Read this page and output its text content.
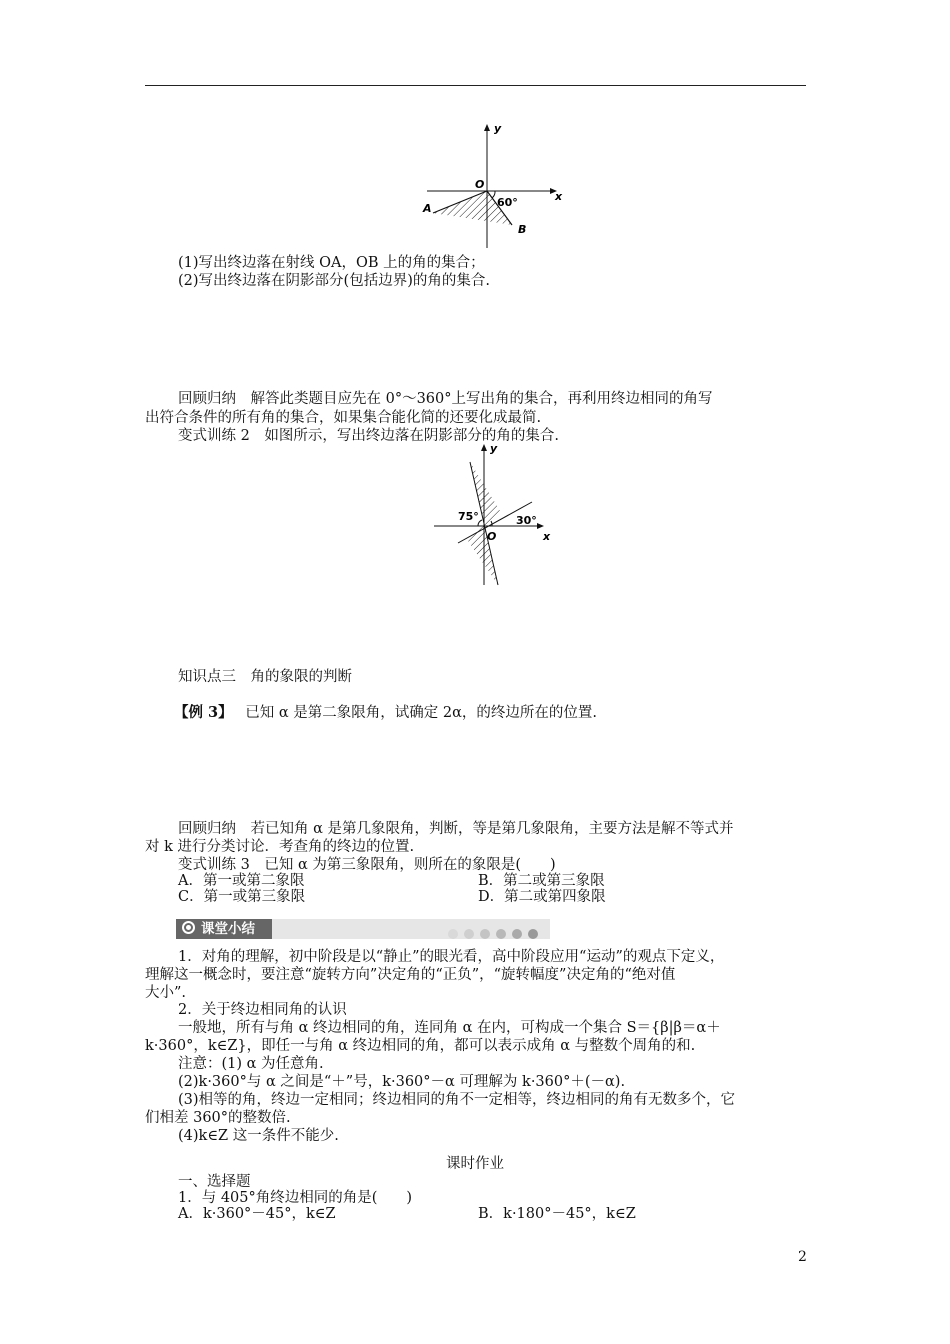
y
x
O
60°
A
B
(1)写出终边落在射线 OA，OB 上的角的集合；
(2)写出终边落在阴影部分(包括边界)的角的集合.
回顾归纳　解答此类题目应先在 0°～360°上写出角的集合，再利用终边相同的角写
出符合条件的所有角的集合，如果集合能化简的还要化成最简.
变式训练 2　如图所示，写出终边落在阴影部分的角的集合.
y
x
O
75°	30°
知识点三　角的象限的判断
【例 3】 已知 α 是第二象限角，试确定 2α，的终边所在的位置.
回顾归纳　若已知角 α 是第几象限角，判断，等是第几象限角，主要方法是解不等式并
对 k 进行分类讨论．考查角的终边的位置.
变式训练 3　已知 α 为第三象限角，则所在的象限是(　　)
A．第一或第二象限	B．第二或第三象限
C．第一或第三象限	D．第二或第四象限
课堂小结
1．对角的理解，初中阶段是以“静止”的眼光看，高中阶段应用“运动”的观点下定义，
理解这一概念时，要注意“旋转方向”决定角的“正负”，“旋转幅度”决定角的“绝对值
大小”.
2．关于终边相同角的认识
一般地，所有与角 α 终边相同的角，连同角 α 在内，可构成一个集合 S＝{β|β＝α＋
k·360°，k∈Z}，即任一与角 α 终边相同的角，都可以表示成角 α 与整数个周角的和.
注意：(1) α 为任意角.
(2)k·360°与 α 之间是“＋”号，k·360°－α 可理解为 k·360°＋(－α).
(3)相等的角，终边一定相同；终边相同的角不一定相等，终边相同的角有无数多个，它
们相差 360°的整数倍.
(4)k∈Z 这一条件不能少.
课时作业
一、选择题
1．与 405°角终边相同的角是(　　)
A．k·360°－45°，k∈Z	B．k·180°－45°，k∈Z
2
